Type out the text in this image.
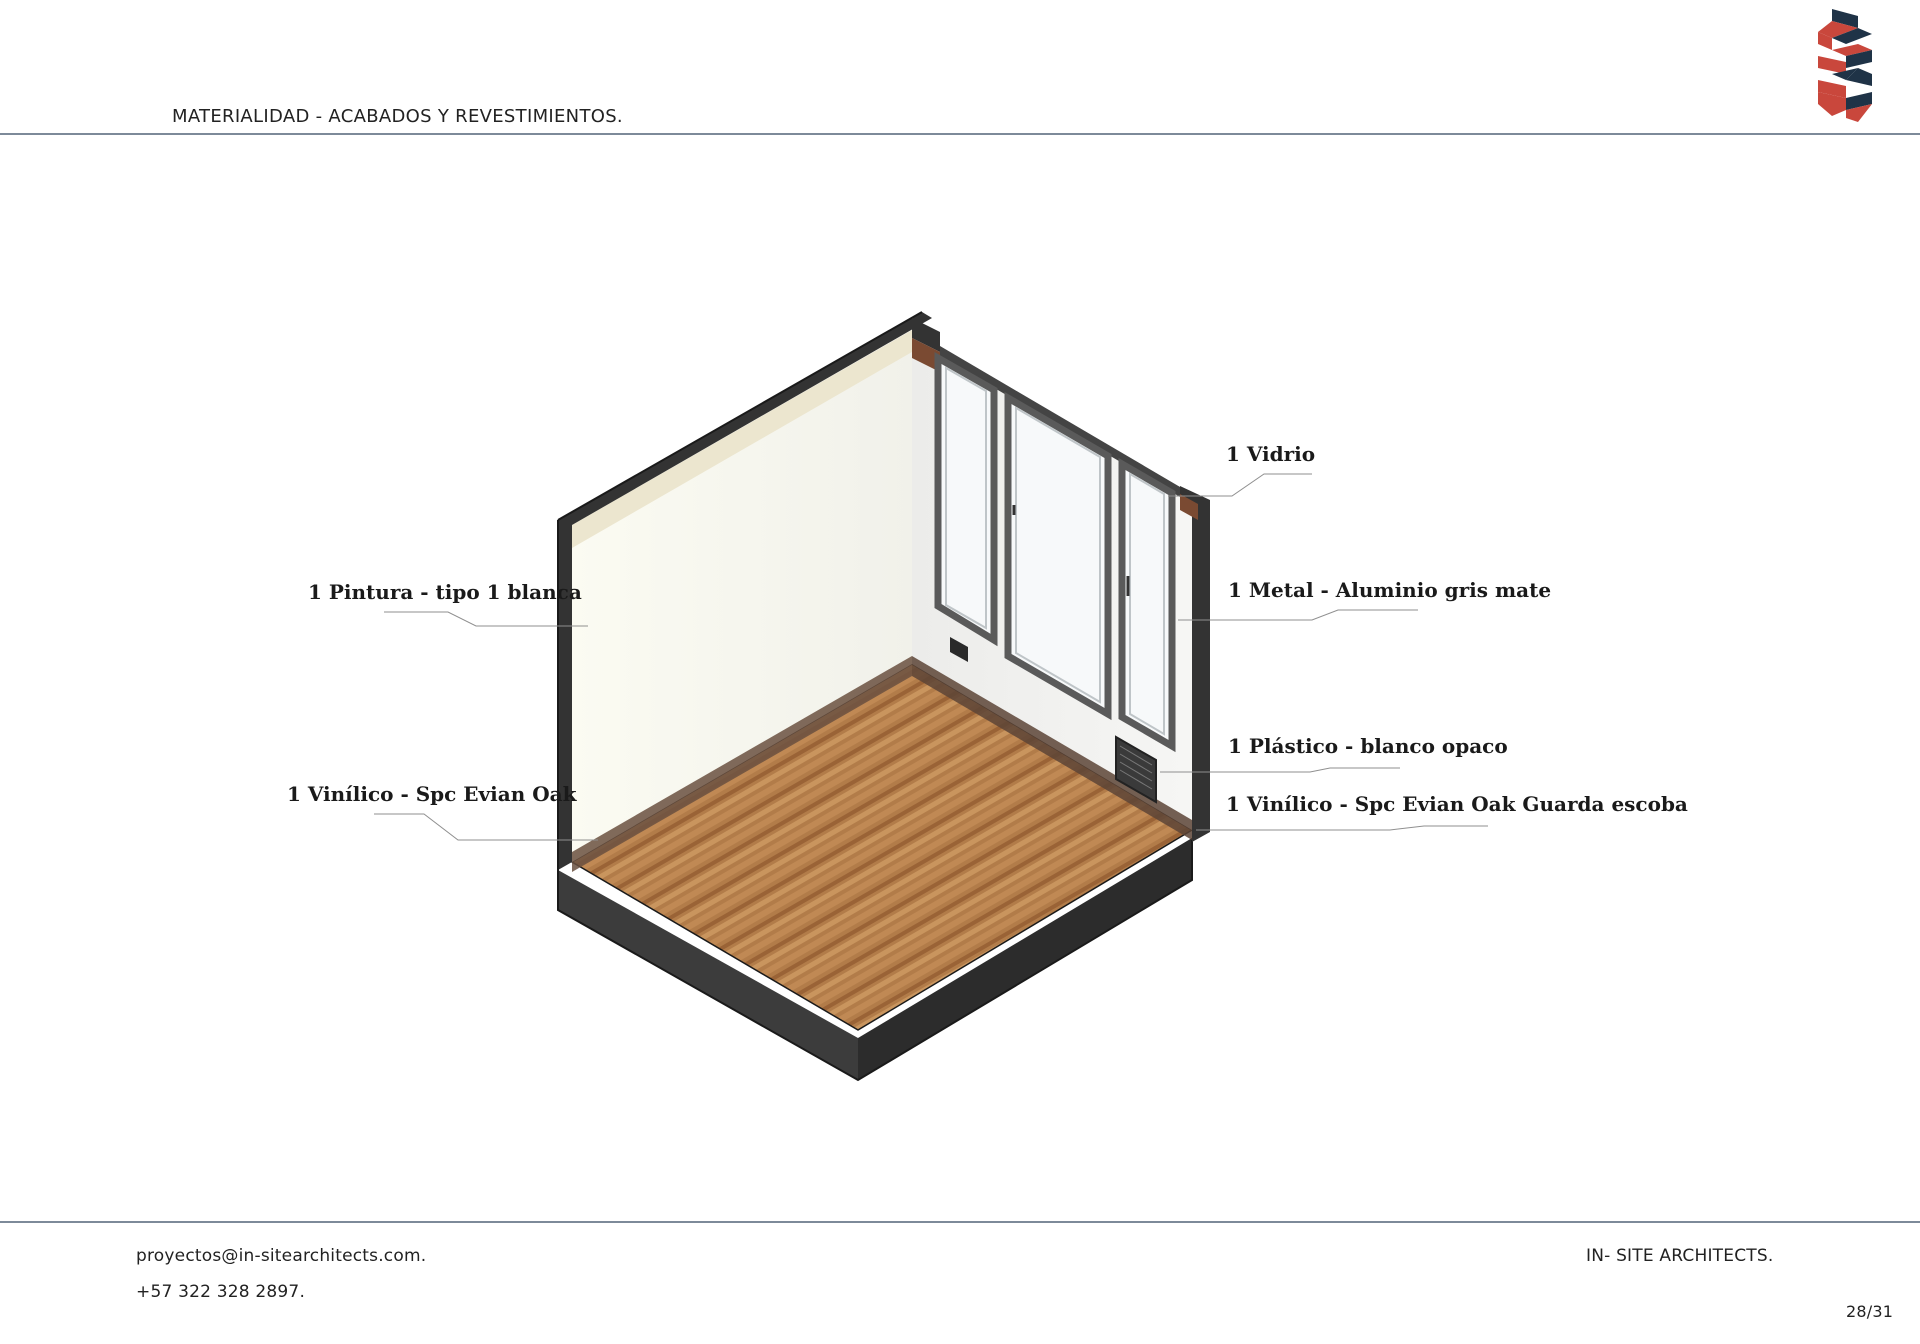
MATERIALIDAD - ACABADOS Y REVESTIMIENTOS.
1 Vidrio
1 Pintura - tipo 1 blanca	1 Metal - Aluminio gris mate
1 Plástico - blanco opaco
1 Vinílico - Spc Evian Oak	1 Vinílico - Spc Evian Oak Guarda escoba
proyectos@in-sitearchitects.com.
+57 322 328 2897.
IN- SITE ARCHITECTS.
28/31
